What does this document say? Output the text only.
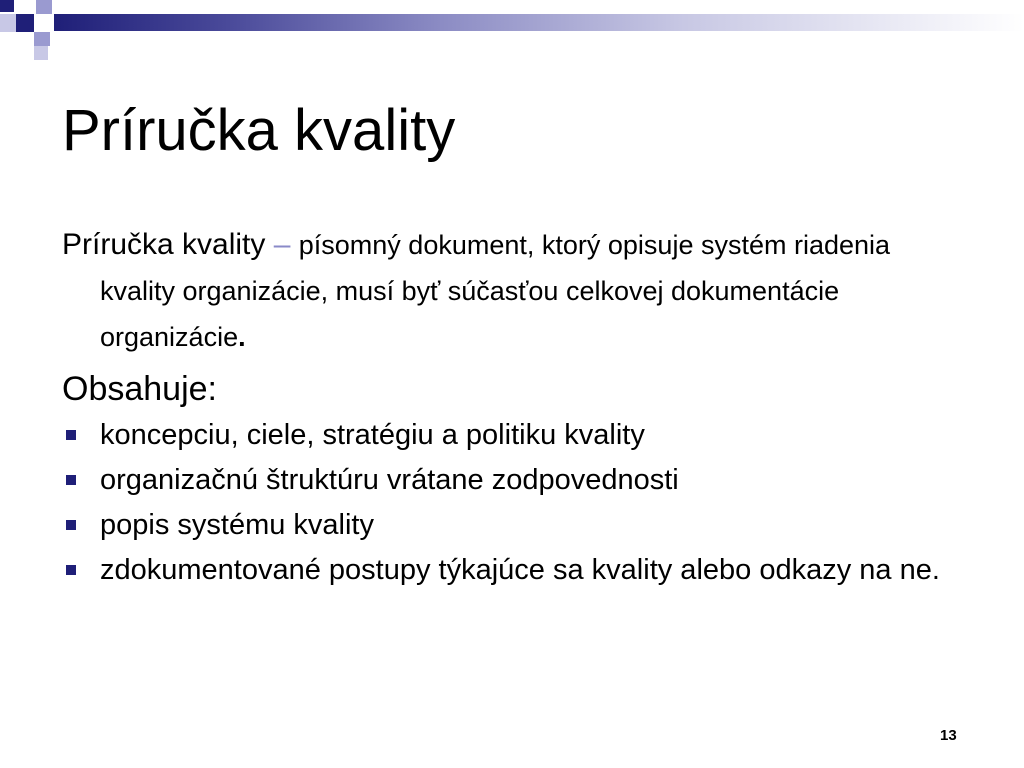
Príručka kvality
Príručka kvality – písomný dokument, ktorý opisuje systém riadenia kvality organizácie, musí byť súčasťou celkovej dokumentácie organizácie.
Obsahuje:
koncepciu, ciele, stratégiu a politiku kvality
organizačnú štruktúru vrátane zodpovednosti
popis systému kvality
zdokumentované postupy týkajúce sa kvality alebo odkazy na ne.
13
